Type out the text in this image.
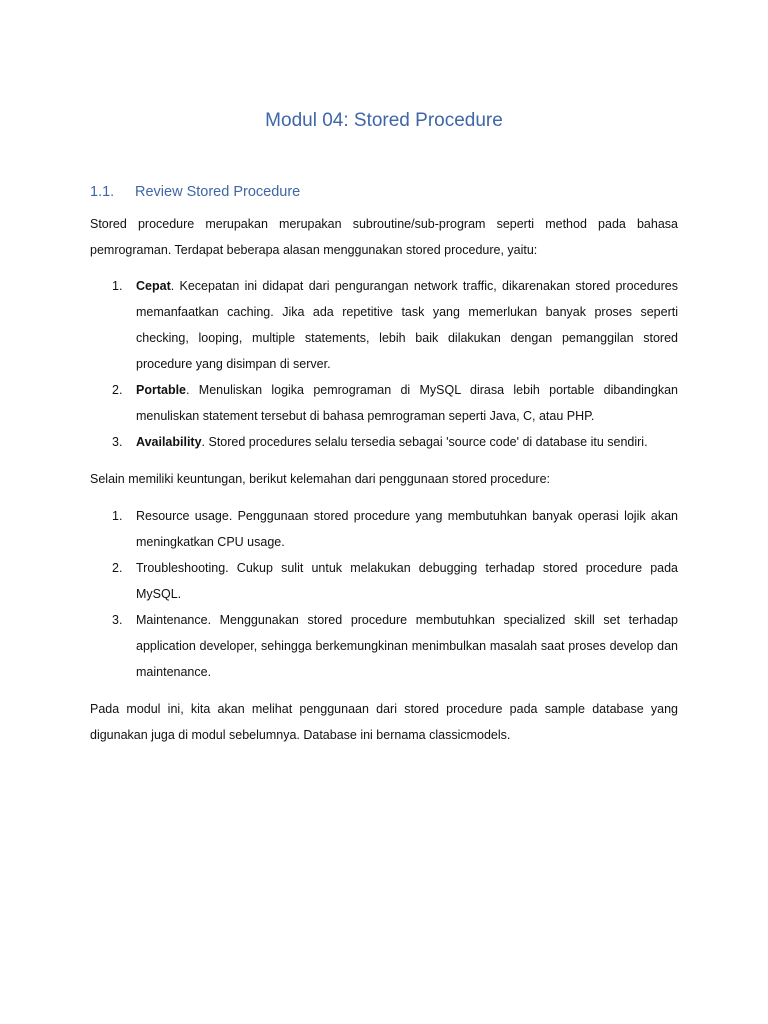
Modul 04: Stored Procedure
1.1. Review Stored Procedure

Stored procedure merupakan merupakan subroutine/sub-program seperti method pada bahasa pemrograman. Terdapat beberapa alasan menggunakan stored procedure, yaitu:

1. Cepat. Kecepatan ini didapat dari pengurangan network traffic, dikarenakan stored procedures memanfaatkan caching. Jika ada repetitive task yang memerlukan banyak proses seperti checking, looping, multiple statements, lebih baik dilakukan dengan pemanggilan stored procedure yang disimpan di server.
2. Portable. Menuliskan logika pemrograman di MySQL dirasa lebih portable dibandingkan menuliskan statement tersebut di bahasa pemrograman seperti Java, C, atau PHP.
3. Availability. Stored procedures selalu tersedia sebagai 'source code' di database itu sendiri.

Selain memiliki keuntungan, berikut kelemahan dari penggunaan stored procedure:

1. Resource usage. Penggunaan stored procedure yang membutuhkan banyak operasi lojik akan meningkatkan CPU usage.
2. Troubleshooting. Cukup sulit untuk melakukan debugging terhadap stored procedure pada MySQL.
3. Maintenance. Menggunakan stored procedure membutuhkan specialized skill set terhadap application developer, sehingga berkemungkinan menimbulkan masalah saat proses develop dan maintenance.

Pada modul ini, kita akan melihat penggunaan dari stored procedure pada sample database yang digunakan juga di modul sebelumnya. Database ini bernama classicmodels.
